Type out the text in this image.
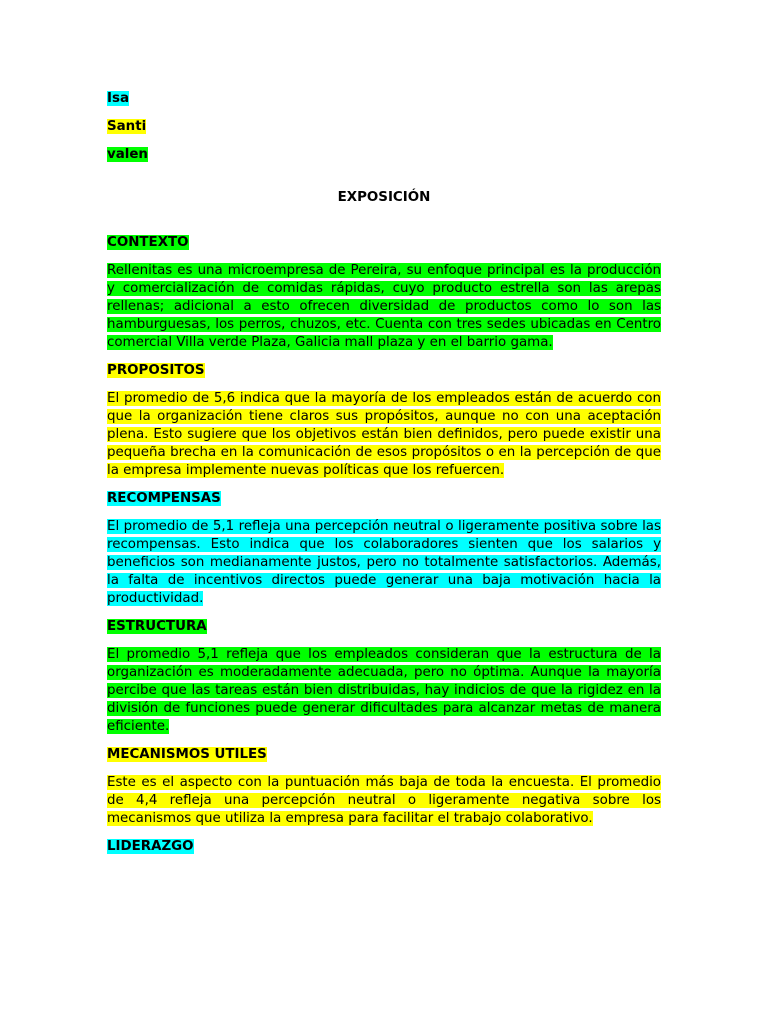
Isa
Santi
valen
EXPOSICIÓN
CONTEXTO
Rellenitas es una microempresa de Pereira, su enfoque principal es la producción y comercialización de comidas rápidas, cuyo producto estrella son las arepas rellenas; adicional a esto ofrecen diversidad de productos como lo son las hamburguesas, los perros, chuzos, etc. Cuenta con tres sedes ubicadas en Centro comercial Villa verde Plaza, Galicia mall plaza y en el barrio gama.
PROPOSITOS
El promedio de 5,6 indica que la mayoría de los empleados están de acuerdo con que la organización tiene claros sus propósitos, aunque no con una aceptación plena. Esto sugiere que los objetivos están bien definidos, pero puede existir una pequeña brecha en la comunicación de esos propósitos o en la percepción de que la empresa implemente nuevas políticas que los refuercen.
RECOMPENSAS
El promedio de 5,1 refleja una percepción neutral o ligeramente positiva sobre las recompensas. Esto indica que los colaboradores sienten que los salarios y beneficios son medianamente justos, pero no totalmente satisfactorios. Además, la falta de incentivos directos puede generar una baja motivación hacia la productividad.
ESTRUCTURA
El promedio 5,1 refleja que los empleados consideran que la estructura de la organización es moderadamente adecuada, pero no óptima. Aunque la mayoría percibe que las tareas están bien distribuidas, hay indicios de que la rigidez en la división de funciones puede generar dificultades para alcanzar metas de manera eficiente.
MECANISMOS UTILES
Este es el aspecto con la puntuación más baja de toda la encuesta. El promedio de 4,4 refleja una percepción neutral o ligeramente negativa sobre los mecanismos que utiliza la empresa para facilitar el trabajo colaborativo.
LIDERAZGO
